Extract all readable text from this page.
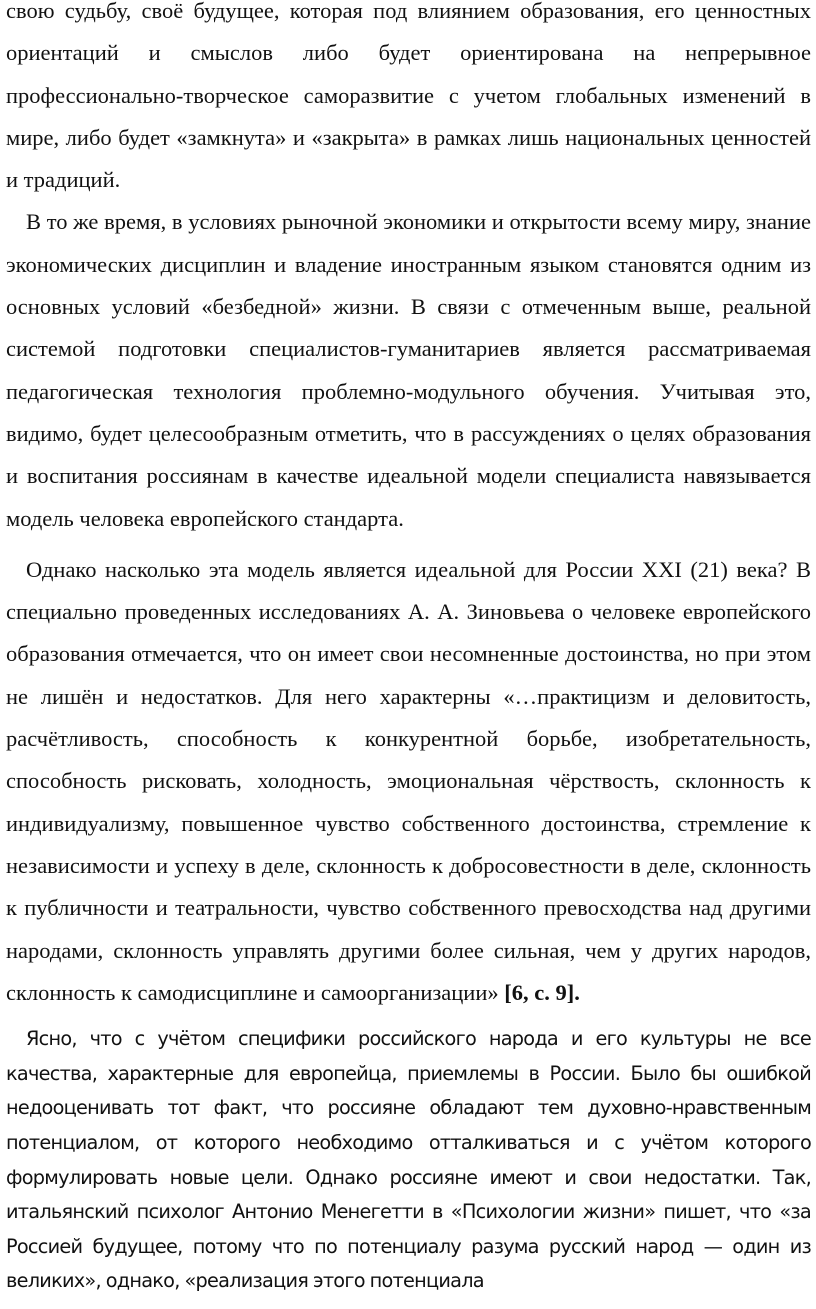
свою судьбу, своё будущее, которая под влиянием образования, его ценностных ориентаций и смыслов либо будет ориентирована на непрерывное профессионально-творческое саморазвитие с учетом глобальных изменений в мире, либо будет «замкнута» и «закрыта» в рамках лишь национальных ценностей и традиций.

В то же время, в условиях рыночной экономики и открытости всему миру, знание экономических дисциплин и владение иностранным языком становятся одним из основных условий «безбедной» жизни. В связи с отмеченным выше, реальной системой подготовки специалистов-гуманитариев является рассматриваемая педагогическая технология проблемно-модульного обучения. Учитывая это, видимо, будет целесообразным отметить, что в рассуждениях о целях образования и воспитания россиянам в качестве идеальной модели специалиста навязывается модель человека европейского стандарта.

Однако насколько эта модель является идеальной для России XXI (21) века? В специально проведенных исследованиях А. А. Зиновьева о человеке европейского образования отмечается, что он имеет свои несомненные достоинства, но при этом не лишён и недостатков. Для него характерны «…практицизм и деловитость, расчётливость, способность к конкурентной борьбе, изобретательность, способность рисковать, холодность, эмоциональная чёрствость, склонность к индивидуализму, повышенное чувство собственного достоинства, стремление к независимости и успеху в деле, склонность к добросовестности в деле, склонность к публичности и театральности, чувство собственного превосходства над другими народами, склонность управлять другими более сильная, чем у других народов, склонность к самодисциплине и самоорганизации» [6, с. 9].

Ясно, что с учётом специфики российского народа и его культуры не все качества, характерные для европейца, приемлемы в России. Было бы ошибкой недооценивать тот факт, что россияне обладают тем духовно-нравственным потенциалом, от которого необходимо отталкиваться и с учётом которого формулировать новые цели. Однако россияне имеют и свои недостатки. Так, итальянский психолог Антонио Менегетти в «Психологии жизни» пишет, что «за Россией будущее, потому что по потенциалу разума русский народ — один из великих», однако, «реализация этого потенциала
